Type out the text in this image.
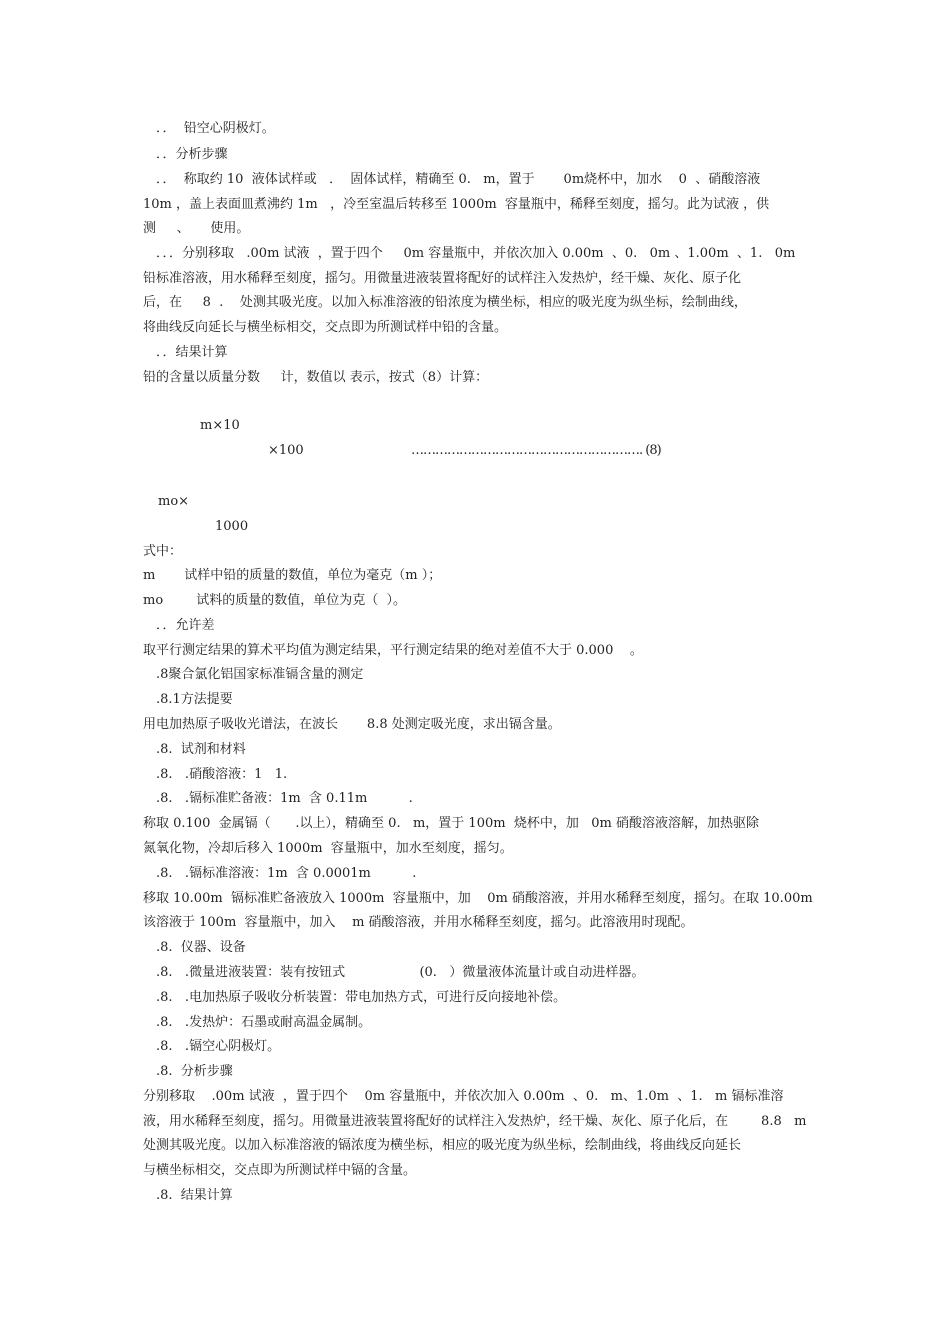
．．  铅空心阴极灯。
．．分析步骤
．．  称取约 10  液体试样或   ．  固体试样，精确至 0.   m，置于       0m烧杯中，加水    0  、硝酸溶液
10m ，盖上表面皿煮沸约 1m   ，冷至室温后转移至 1000m  容量瓶中，稀释至刻度，摇匀。此为试液 ，供
测     、     使用。
．．．分别移取   .00m 试液  ，置于四个     0m 容量瓶中，并依次加入 0.00m  、0.   0m 、1.00m  、1.   0m
铅标准溶液，用水稀释至刻度，摇匀。用微量进液装置将配好的试样注入发热炉，经干燥、灰化、原子化
后，在     8  .    处测其吸光度。以加入标准溶液的铅浓度为横坐标，相应的吸光度为纵坐标，绘制曲线，
将曲线反向延长与横坐标相交，交点即为所测试样中铅的含量。
．．结果计算
铅的含量以质量分数     计，数值以 表示，按式（8）计算：
m×10
×100	…………………………………………………. (8)
mo×
1000
式中：
m       试样中铅的质量的数值，单位为毫克（m ）；
mo        试料的质量的数值，单位为克（  ）。
．．允许差
取平行测定结果的算术平均值为测定结果，平行测定结果的绝对差值不大于 0.000    。
.8聚合氯化铝国家标准镉含量的测定
.8.1方法提要
用电加热原子吸收光谱法，在波长       8.8 处测定吸光度，求出镉含量。
.8.  试剂和材料
.8.   .硝酸溶液：1   1.
.8.   .镉标准贮备液：1m  含 0.11m          .
称取 0.100  金属镉（      .以上），精确至 0.   m，置于 100m  烧杯中，加   0m 硝酸溶液溶解，加热驱除
氮氧化物，冷却后移入 1000m  容量瓶中，加水至刻度，摇匀。
.8.   .镉标准溶液：1m  含 0.0001m          .
移取 10.00m  镉标准贮备液放入 1000m  容量瓶中，加    0m 硝酸溶液，并用水稀释至刻度，摇匀。在取 10.00m
该溶液于 100m  容量瓶中，加入    m 硝酸溶液，并用水稀释至刻度，摇匀。此溶液用时现配。
.8.  仪器、设备
.8.   .微量进液装置：装有按钮式                  (0.   ）微量液体流量计或自动进样器。
.8.   .电加热原子吸收分析装置：带电加热方式，可进行反向接地补偿。
.8.   .发热炉：石墨或耐高温金属制。
.8.   .镉空心阴极灯。
.8.  分析步骤
分别移取    .00m 试液  ，置于四个    0m 容量瓶中，并依次加入 0.00m  、0.   m、1.0m  、1.   m 镉标准溶
液，用水稀释至刻度，摇匀。用微量进液装置将配好的试样注入发热炉，经干燥、灰化、原子化后，在        8.8   m
处测其吸光度。以加入标准溶液的镉浓度为横坐标，相应的吸光度为纵坐标，绘制曲线，将曲线反向延长
与横坐标相交，交点即为所测试样中镉的含量。
.8.  结果计算
